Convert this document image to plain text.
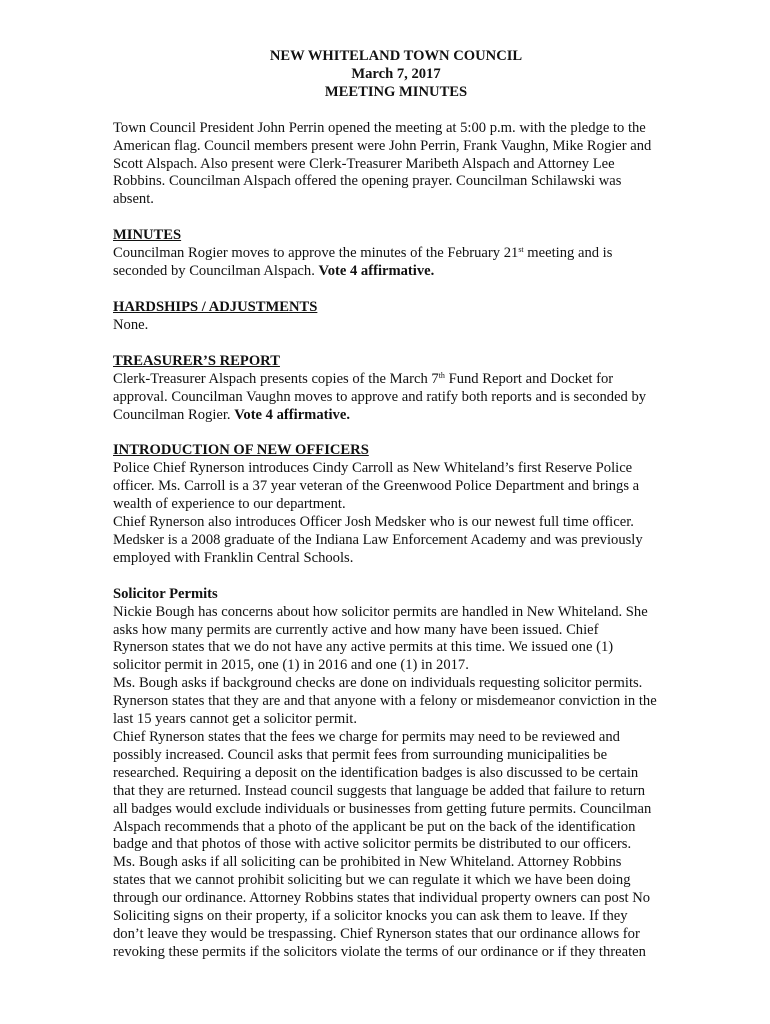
NEW WHITELAND TOWN COUNCIL
March 7, 2017
MEETING MINUTES
Town Council President John Perrin opened the meeting at 5:00 p.m. with the pledge to the
American flag. Council members present were John Perrin, Frank Vaughn, Mike Rogier and
Scott Alspach. Also present were Clerk-Treasurer Maribeth Alspach and Attorney Lee
Robbins. Councilman Alspach offered the opening prayer. Councilman Schilawski was
absent.
MINUTES
Councilman Rogier moves to approve the minutes of the February 21st meeting and is
seconded by Councilman Alspach. Vote 4 affirmative.
HARDSHIPS / ADJUSTMENTS
None.
TREASURER’S REPORT
Clerk-Treasurer Alspach presents copies of the March 7th Fund Report and Docket for
approval. Councilman Vaughn moves to approve and ratify both reports and is seconded by
Councilman Rogier. Vote 4 affirmative.
INTRODUCTION OF NEW OFFICERS
Police Chief Rynerson introduces Cindy Carroll as New Whiteland’s first Reserve Police
officer. Ms. Carroll is a 37 year veteran of the Greenwood Police Department and brings a
wealth of experience to our department.
Chief Rynerson also introduces Officer Josh Medsker who is our newest full time officer.
Medsker is a 2008 graduate of the Indiana Law Enforcement Academy and was previously
employed with Franklin Central Schools.
Solicitor Permits
Nickie Bough has concerns about how solicitor permits are handled in New Whiteland. She
asks how many permits are currently active and how many have been issued. Chief
Rynerson states that we do not have any active permits at this time. We issued one (1)
solicitor permit in 2015, one (1) in 2016 and one (1) in 2017.
Ms. Bough asks if background checks are done on individuals requesting solicitor permits.
Rynerson states that they are and that anyone with a felony or misdemeanor conviction in the
last 15 years cannot get a solicitor permit.
Chief Rynerson states that the fees we charge for permits may need to be reviewed and
possibly increased. Council asks that permit fees from surrounding municipalities be
researched. Requiring a deposit on the identification badges is also discussed to be certain
that they are returned. Instead council suggests that language be added that failure to return
all badges would exclude individuals or businesses from getting future permits. Councilman
Alspach recommends that a photo of the applicant be put on the back of the identification
badge and that photos of those with active solicitor permits be distributed to our officers.
Ms. Bough asks if all soliciting can be prohibited in New Whiteland. Attorney Robbins
states that we cannot prohibit soliciting but we can regulate it which we have been doing
through our ordinance. Attorney Robbins states that individual property owners can post No
Soliciting signs on their property, if a solicitor knocks you can ask them to leave. If they
don’t leave they would be trespassing. Chief Rynerson states that our ordinance allows for
revoking these permits if the solicitors violate the terms of our ordinance or if they threaten
